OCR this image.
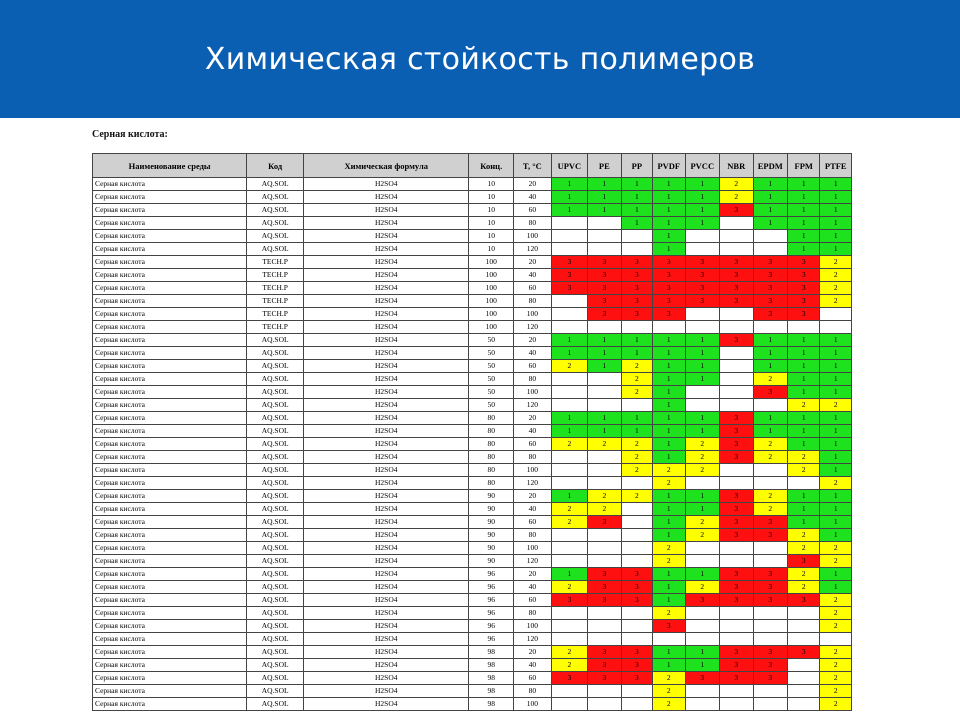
Химическая стойкость полимеров
Серная кислота:
Наименование среды	Код	Химическая формула	Конц.	T, °C	UPVC	PE	PP	PVDF	PVCC	NBR	EPDM	FPM	PTFE
Серная кислота	AQ.SOL	H2SO4	10	20	1	1	1	1	1	2	1	1	1
Серная кислота	AQ.SOL	H2SO4	10	40	1	1	1	1	1	2	1	1	1
Серная кислота	AQ.SOL	H2SO4	10	60	1	1	1	1	1	3	1	1	1
Серная кислота	AQ.SOL	H2SO4	10	80			1	1	1		1	1	1
Серная кислота	AQ.SOL	H2SO4	10	100				1				1	1
Серная кислота	AQ.SOL	H2SO4	10	120				1				1	1
Серная кислота	TECH.P	H2SO4	100	20	3	3	3	3	3	3	3	3	2
Серная кислота	TECH.P	H2SO4	100	40	3	3	3	3	3	3	3	3	2
Серная кислота	TECH.P	H2SO4	100	60	3	3	3	3	3	3	3	3	2
Серная кислота	TECH.P	H2SO4	100	80		3	3	3	3	3	3	3	2
Серная кислота	TECH.P	H2SO4	100	100		3	3	3			3	3	
Серная кислота	TECH.P	H2SO4	100	120									
Серная кислота	AQ.SOL	H2SO4	50	20	1	1	1	1	1	3	1	1	1
Серная кислота	AQ.SOL	H2SO4	50	40	1	1	1	1	1		1	1	1
Серная кислота	AQ.SOL	H2SO4	50	60	2	1	2	1	1		1	1	1
Серная кислота	AQ.SOL	H2SO4	50	80			2	1	1		2	1	1
Серная кислота	AQ.SOL	H2SO4	50	100			2	1			3	1	1
Серная кислота	AQ.SOL	H2SO4	50	120				1				2	2
Серная кислота	AQ.SOL	H2SO4	80	20	1	1	1	1	1	3	1	1	1
Серная кислота	AQ.SOL	H2SO4	80	40	1	1	1	1	1	3	1	1	1
Серная кислота	AQ.SOL	H2SO4	80	60	2	2	2	1	2	3	2	1	1
Серная кислота	AQ.SOL	H2SO4	80	80			2	1	2	3	2	2	1
Серная кислота	AQ.SOL	H2SO4	80	100			2	2	2			2	1
Серная кислота	AQ.SOL	H2SO4	80	120				2					2
Серная кислота	AQ.SOL	H2SO4	90	20	1	2	2	1	1	3	2	1	1
Серная кислота	AQ.SOL	H2SO4	90	40	2	2		1	1	3	2	1	1
Серная кислота	AQ.SOL	H2SO4	90	60	2	3		1	2	3	3	1	1
Серная кислота	AQ.SOL	H2SO4	90	80				1	2	3	3	2	1
Серная кислота	AQ.SOL	H2SO4	90	100				2				2	2
Серная кислота	AQ.SOL	H2SO4	90	120				2				3	2
Серная кислота	AQ.SOL	H2SO4	96	20	1	3	3	1	1	3	3	2	1
Серная кислота	AQ.SOL	H2SO4	96	40	2	3	3	1	2	3	3	2	1
Серная кислота	AQ.SOL	H2SO4	96	60	3	3	3	1	3	3	3	3	2
Серная кислота	AQ.SOL	H2SO4	96	80				2					2
Серная кислота	AQ.SOL	H2SO4	96	100				3					2
Серная кислота	AQ.SOL	H2SO4	96	120									
Серная кислота	AQ.SOL	H2SO4	98	20	2	3	3	1	1	3	3	3	2
Серная кислота	AQ.SOL	H2SO4	98	40	2	3	3	1	1	3	3		2
Серная кислота	AQ.SOL	H2SO4	98	60	3	3	3	2	3	3	3		2
Серная кислота	AQ.SOL	H2SO4	98	80				2					2
Серная кислота	AQ.SOL	H2SO4	98	100				2					2
